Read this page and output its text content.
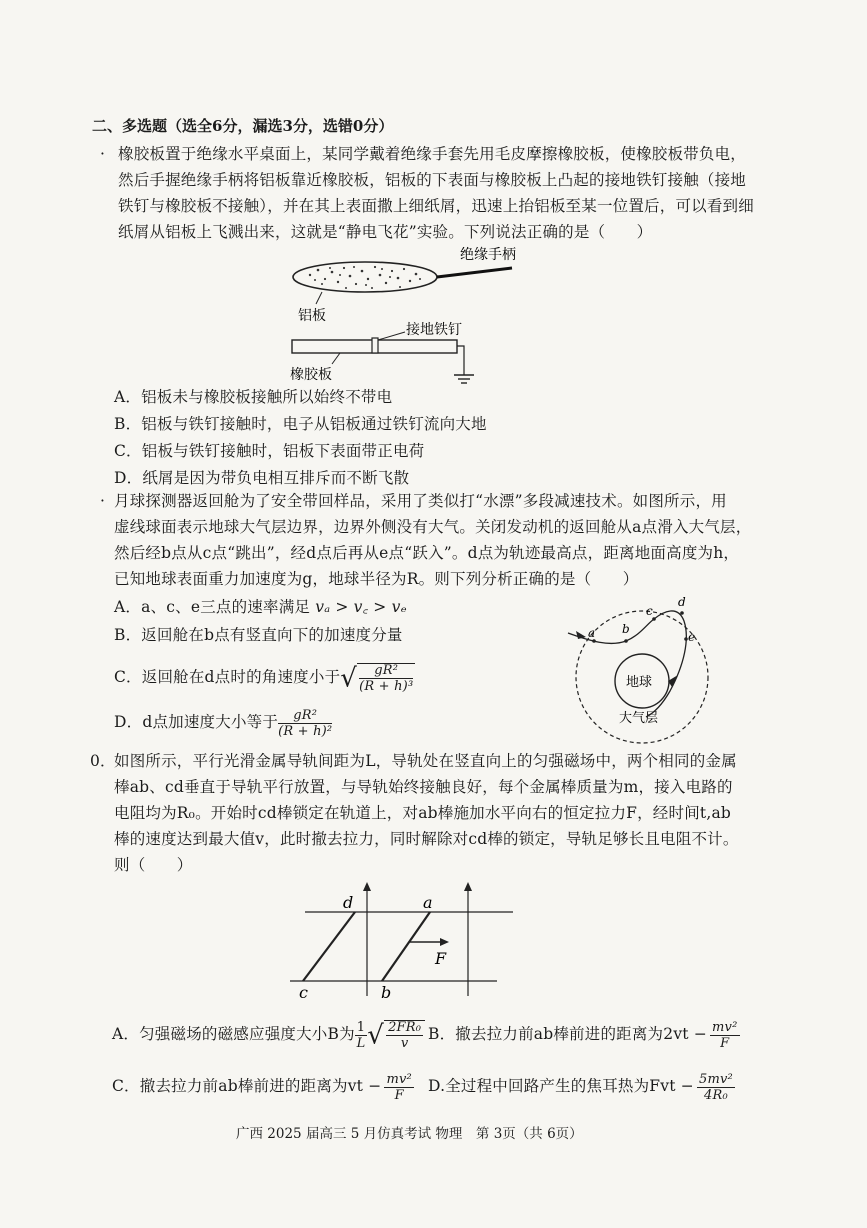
二、多选题（选全6分，漏选3分，选错0分）
· 橡胶板置于绝缘水平桌面上，某同学戴着绝缘手套先用毛皮摩擦橡胶板，使橡胶板带负电，
然后手握绝缘手柄将铝板靠近橡胶板，铝板的下表面与橡胶板上凸起的接地铁钉接触（接地
铁钉与橡胶板不接触），并在其上表面撒上细纸屑，迅速上抬铝板至某一位置后，可以看到细
纸屑从铝板上飞溅出来，这就是“静电飞花”实验。下列说法正确的是（　　）
绝缘手柄
铝板
接地铁钉
橡胶板
A．铝板未与橡胶板接触所以始终不带电
B．铝板与铁钉接触时，电子从铝板通过铁钉流向大地
C．铝板与铁钉接触时，铝板下表面带正电荷
D．纸屑是因为带负电相互排斥而不断飞散
· 月球探测器返回舱为了安全带回样品，采用了类似打“水漂”多段减速技术。如图所示，用
虚线球面表示地球大气层边界，边界外侧没有大气。关闭发动机的返回舱从a点滑入大气层，
然后经b点从c点“跳出”，经d点后再从e点“跃入”。d点为轨迹最高点，距离地面高度为h，
已知地球表面重力加速度为g，地球半径为R。则下列分析正确的是（　　）
A．a、c、e三点的速率满足 vₐ > v꜀ > vₑ
B．返回舱在b点有竖直向下的加速度分量
C．返回舱在d点时的角速度小于 √ $\frac{\text{gR²}}{\text{(R + h)³}}$
D．d点加速度大小等于 $\frac{\text{gR²}}{\text{(R + h)²}}$
地球
大气层
a b
c
d
e
0．
如图所示，平行光滑金属导轨间距为L，导轨处在竖直向上的匀强磁场中，两个相同的金属
棒ab、cd垂直于导轨平行放置，与导轨始终接触良好，每个金属棒质量为m，接入电路的
电阻均为R₀。开始时cd棒锁定在轨道上，对ab棒施加水平向右的恒定拉力F，经时间t,ab
棒的速度达到最大值v，此时撤去拉力，同时解除对cd棒的锁定，导轨足够长且电阻不计。
则（　　）
F
d	a
c	b
A．匀强磁场的磁感应强度大小B为 $\frac{1}{L}$ √ $\frac{\text{2FR₀}}{v}$ B．撤去拉力前ab棒前进的距离为$2vt - \frac{\text{mv²}}{F}$
C．撤去拉力前ab棒前进的距离为vt − $\frac{\text{mv²}}{F} D$.全过程中回路产生的焦耳热为Fvt − $\frac{\text{5mv²}}{\text{4R₀}}$
广西 2025 届高三 5 月仿真考试 物理　第 3页（共 6页）
